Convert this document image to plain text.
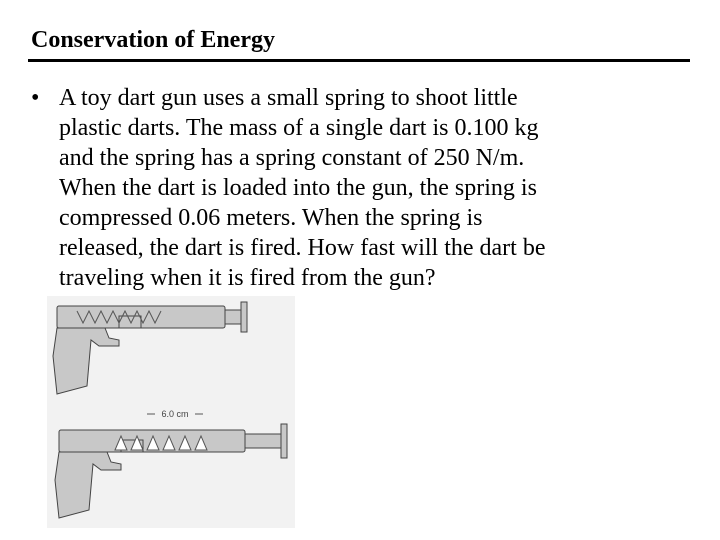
Conservation of Energy
• A toy dart gun uses a small spring to shoot little
plastic darts. The mass of a single dart is 0.100 kg
and the spring has a spring constant of 250 N/m.
When the dart is loaded into the gun, the spring is
compressed 0.06 meters. When the spring is
released, the dart is fired. How fast will the dart be
traveling when it is fired from the gun?
6.0 cm
